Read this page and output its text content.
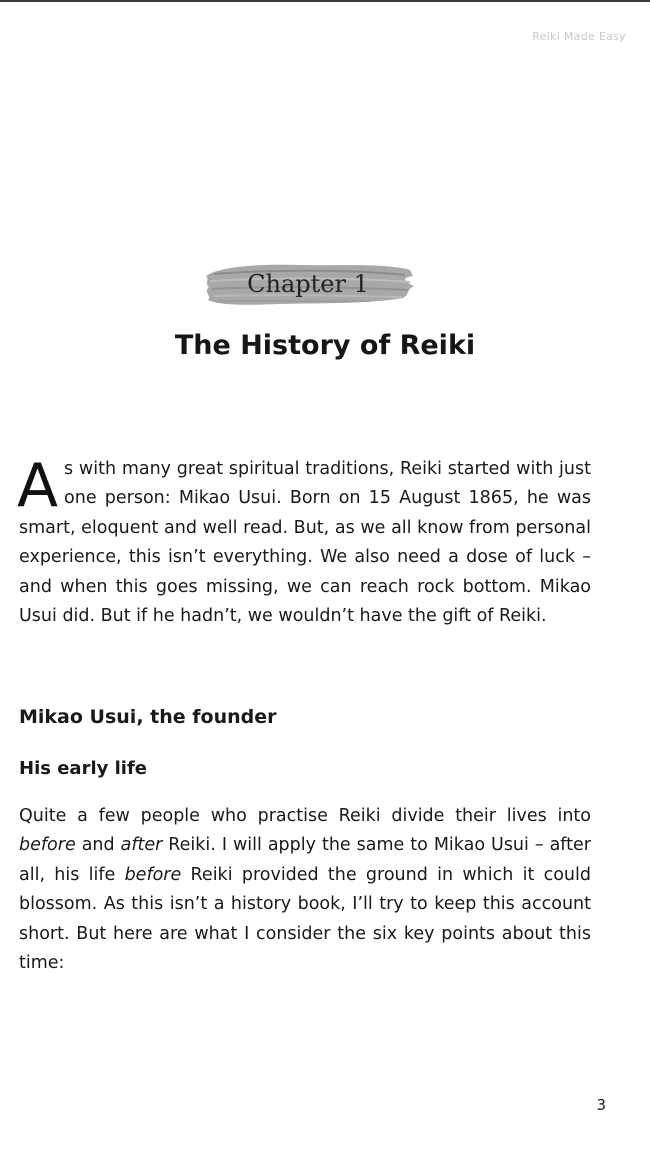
Reiki Made Easy
Chapter 1
The History of Reiki

As with many great spiritual traditions, Reiki started with just one person: Mikao Usui. Born on 15 August 1865, he was smart, eloquent and well read. But, as we all know from personal experience, this isn’t everything. We also need a dose of luck – and when this goes missing, we can reach rock bottom. Mikao Usui did. But if he hadn’t, we wouldn’t have the gift of Reiki.

Mikao Usui, the founder
His early life

Quite a few people who practise Reiki divide their lives into before and after Reiki. I will apply the same to Mikao Usui – after all, his life before Reiki provided the ground in which it could blossom. As this isn’t a history book, I’ll try to keep this account short. But here are what I consider the six key points about this time:

3
